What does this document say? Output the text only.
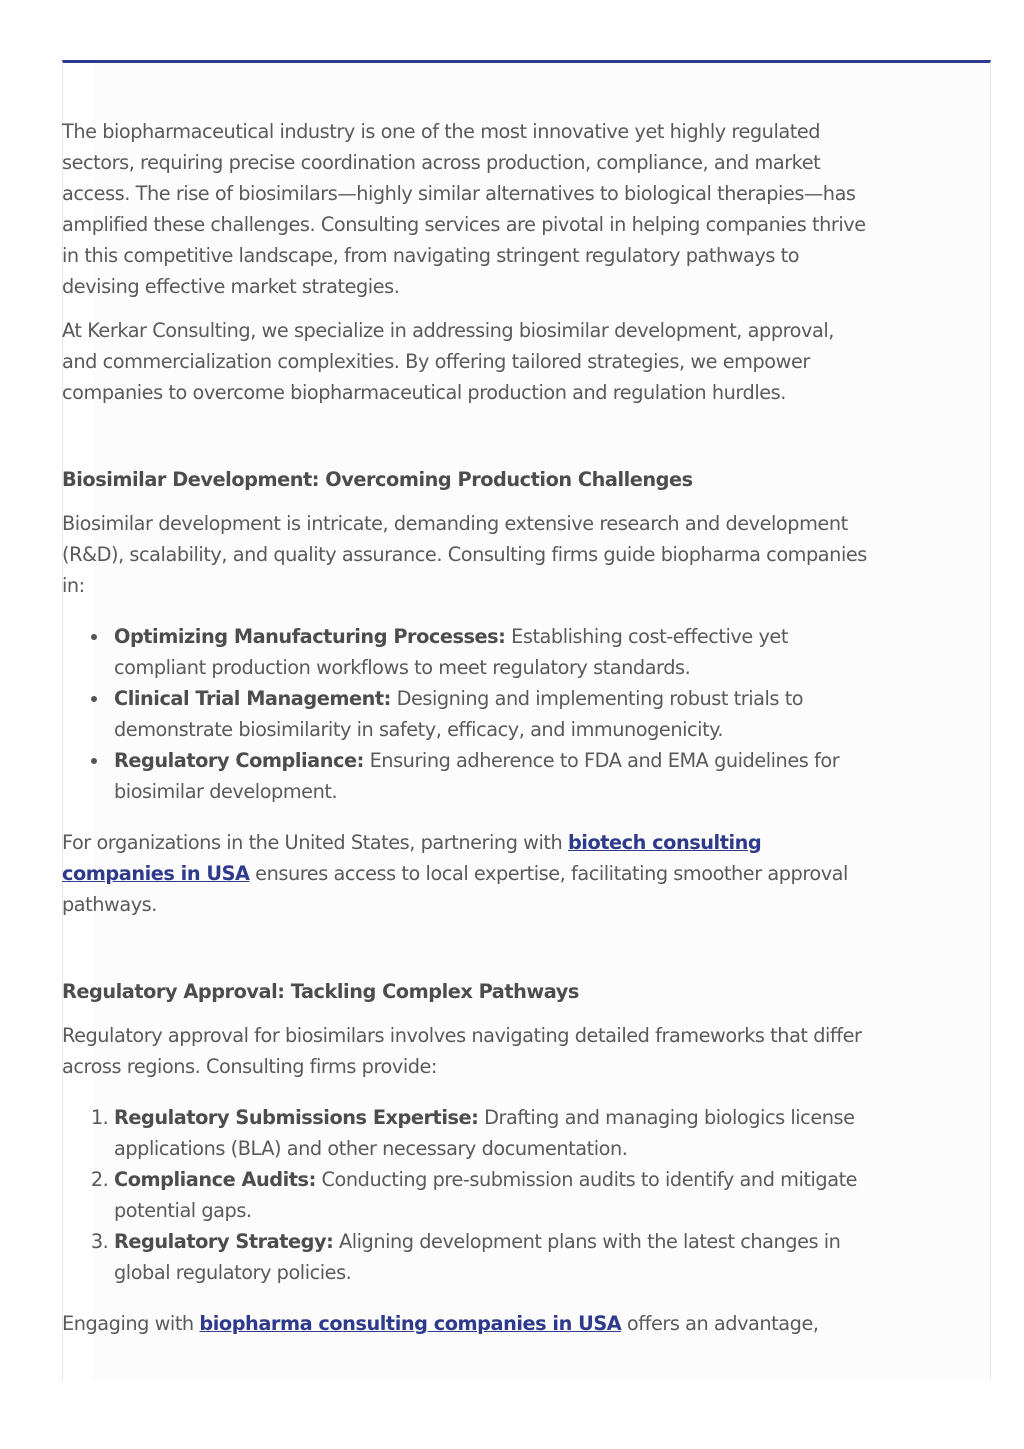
The biopharmaceutical industry is one of the most innovative yet highly regulated sectors, requiring precise coordination across production, compliance, and market access. The rise of biosimilars—highly similar alternatives to biological therapies—has amplified these challenges. Consulting services are pivotal in helping companies thrive in this competitive landscape, from navigating stringent regulatory pathways to devising effective market strategies.

At Kerkar Consulting, we specialize in addressing biosimilar development, approval, and commercialization complexities. By offering tailored strategies, we empower companies to overcome biopharmaceutical production and regulation hurdles.

Biosimilar Development: Overcoming Production Challenges

Biosimilar development is intricate, demanding extensive research and development (R&D), scalability, and quality assurance. Consulting firms guide biopharma companies in:

Optimizing Manufacturing Processes: Establishing cost-effective yet compliant production workflows to meet regulatory standards.
Clinical Trial Management: Designing and implementing robust trials to demonstrate biosimilarity in safety, efficacy, and immunogenicity.
Regulatory Compliance: Ensuring adherence to FDA and EMA guidelines for biosimilar development.

For organizations in the United States, partnering with biotech consulting companies in USA ensures access to local expertise, facilitating smoother approval pathways.

Regulatory Approval: Tackling Complex Pathways

Regulatory approval for biosimilars involves navigating detailed frameworks that differ across regions. Consulting firms provide:

1. Regulatory Submissions Expertise: Drafting and managing biologics license applications (BLA) and other necessary documentation.
2. Compliance Audits: Conducting pre-submission audits to identify and mitigate potential gaps.
3. Regulatory Strategy: Aligning development plans with the latest changes in global regulatory policies.

Engaging with biopharma consulting companies in USA offers an advantage,
